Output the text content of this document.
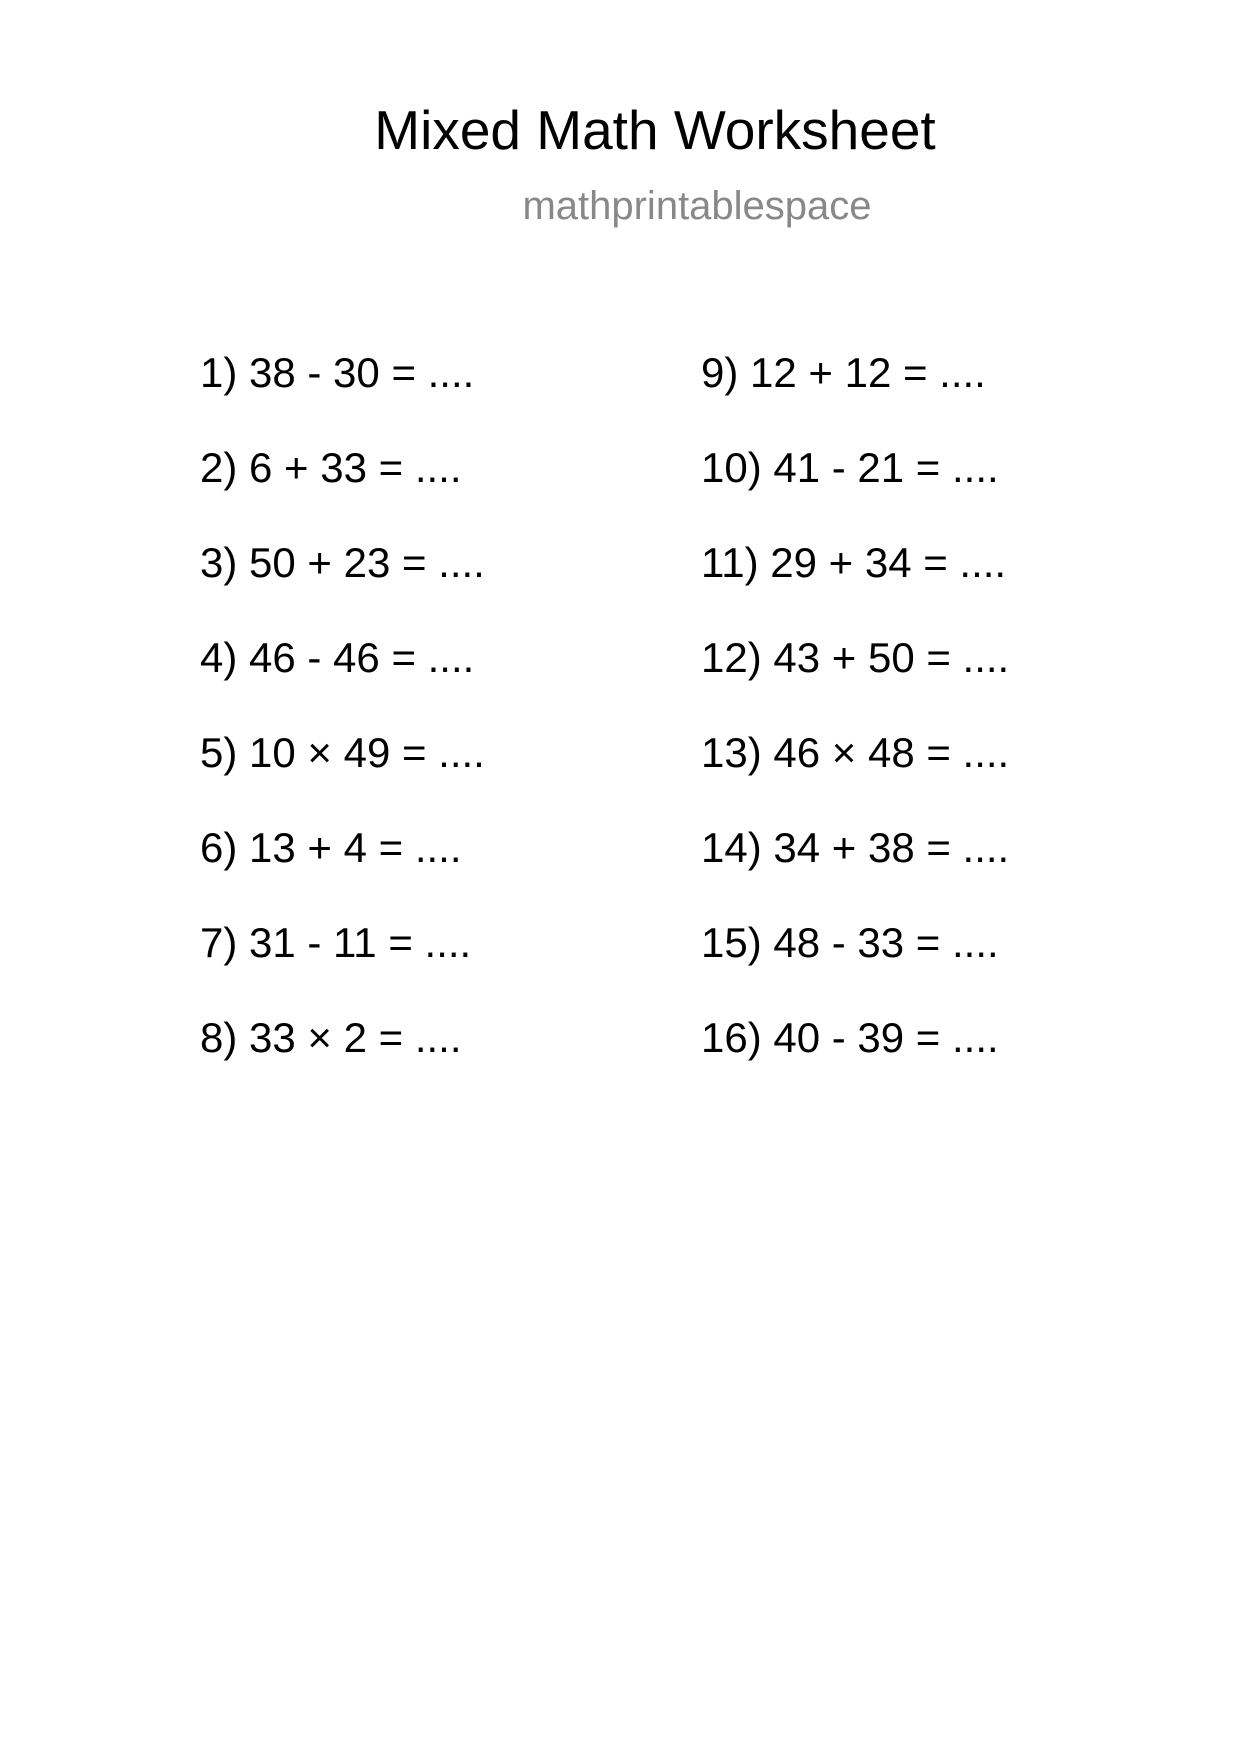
Mixed Math Worksheet
mathprintablespace
1) 38 - 30 = ....
2) 6 + 33 = ....
3) 50 + 23 = ....
4) 46 - 46 = ....
5) 10 × 49 = ....
6) 13 + 4 = ....
7) 31 - 11 = ....
8) 33 × 2 = ....
9) 12 + 12 = ....
10) 41 - 21 = ....
11) 29 + 34 = ....
12) 43 + 50 = ....
13) 46 × 48 = ....
14) 34 + 38 = ....
15) 48 - 33 = ....
16) 40 - 39 = ....
